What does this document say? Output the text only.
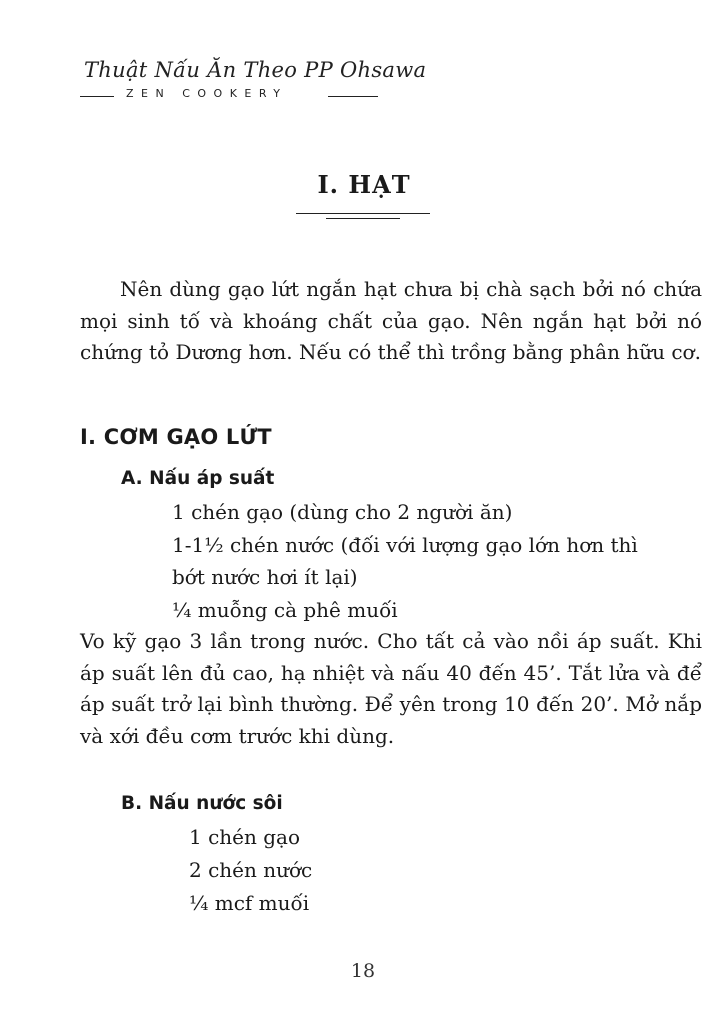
Thuật Nấu Ăn Theo PP Ohsawa
ZEN COOKERY
I. HẠT

Nên dùng gạo lứt ngắn hạt chưa bị chà sạch bởi nó chứa mọi sinh tố và khoáng chất của gạo. Nên ngắn hạt bởi nó chứng tỏ Dương hơn. Nếu có thể thì trồng bằng phân hữu cơ.

I. CƠM GẠO LỨT
A. Nấu áp suất
1 chén gạo (dùng cho 2 người ăn)
1-1½ chén nước (đối với lượng gạo lớn hơn thì
bớt nước hơi ít lại)
¼ muỗng cà phê muối

Vo kỹ gạo 3 lần trong nước. Cho tất cả vào nồi áp suất. Khi áp suất lên đủ cao, hạ nhiệt và nấu 40 đến 45’. Tắt lửa và để áp suất trở lại bình thường. Để yên trong 10 đến 20’. Mở nắp và xới đều cơm trước khi dùng.

B. Nấu nước sôi
1 chén gạo
2 chén nước
¼ mcf muối
18
